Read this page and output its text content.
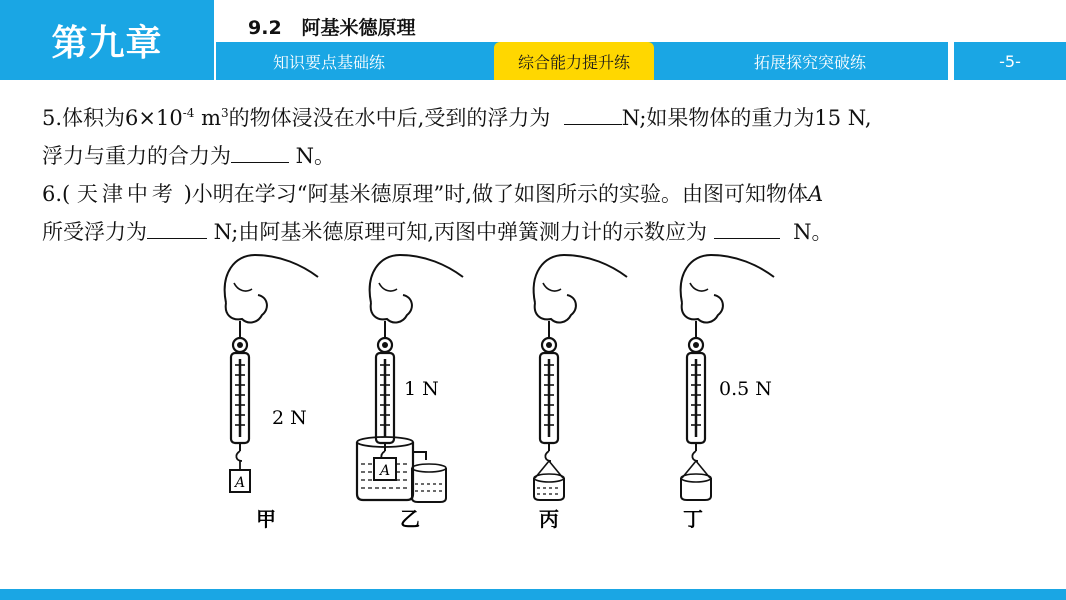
第九章	9.2 阿基米德原理
知识要点基础练	综合能力提升练	拓展探究突破练	-5-
5.体积为$6\times 10^{-4}$ $m^3$的物体浸没在水中后,受到的浮力为	N;如果物体的重力为15 N,
浮力与重力的合力为	N。
6.( 天津中考 )小明在学习“阿基米德原理”时,做了如图所示的实验。由图可知物体A
所受浮力为	N;由阿基米德原理可知,丙图中弹簧测力计的示数应为	N。
A
2 N
甲
A
1 N
乙	丙
0.5 N
丁
